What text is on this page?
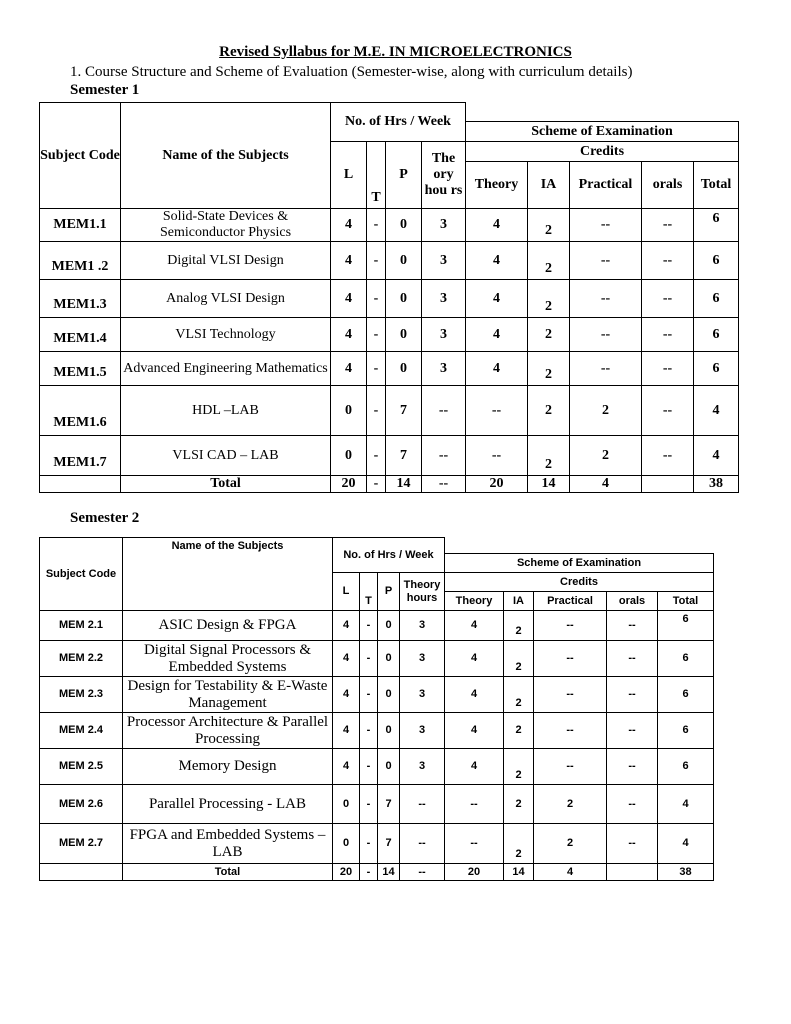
Revised Syllabus for M.E. IN MICROELECTRONICS
1. Course Structure and Scheme of Evaluation (Semester-wise, along with curriculum details)
Semester 1
Subject Code	Name of the Subjects	No. of Hrs / Week								
						Scheme of Examination				
		L	T	P	The ory hou rs	Credits				
						Theory	IA	Practical	orals	Total
MEM1.1	Solid-State Devices & Semiconductor Physics	4	-	0	3	4	2	--	--	6
MEM1 .2	Digital VLSI Design	4	-	0	3	4	2	--	--	6
MEM1.3	Analog VLSI Design	4	-	0	3	4	2	--	--	6
MEM1.4	VLSI Technology	4	-	0	3	4	2	--	--	6
MEM1.5	Advanced Engineering Mathematics	4	-	0	3	4	2	--	--	6
MEM1.6	HDL –LAB	0	-	7	--	--	2	2	--	4
MEM1.7	VLSI CAD – LAB	0	-	7	--	--	2	2	--	4
	Total	20	-	14	--	20	14	4		38
Semester 2
Subject Code	Name of the Subjects	No. of Hrs / Week								
						Scheme of Examination				
		L	T	P	Theory hours	Credits				
						Theory	IA	Practical	orals	Total
MEM 2.1	ASIC Design & FPGA	4	-	0	3	4	2	--	--	6
MEM 2.2	Digital Signal Processors & Embedded Systems	4	-	0	3	4	2	--	--	6
MEM 2.3	Design for Testability & E-Waste Management	4	-	0	3	4	2	--	--	6
MEM 2.4	Processor Architecture & Parallel Processing	4	-	0	3	4	2	--	--	6
MEM 2.5	Memory Design	4	-	0	3	4	2	--	--	6
MEM 2.6	Parallel Processing - LAB	0	-	7	--	--	2	2	--	4
MEM 2.7	FPGA and Embedded Systems – LAB	0	-	7	--	--	2	2	--	4
	Total	20	-	14	--	20	14	4		38
